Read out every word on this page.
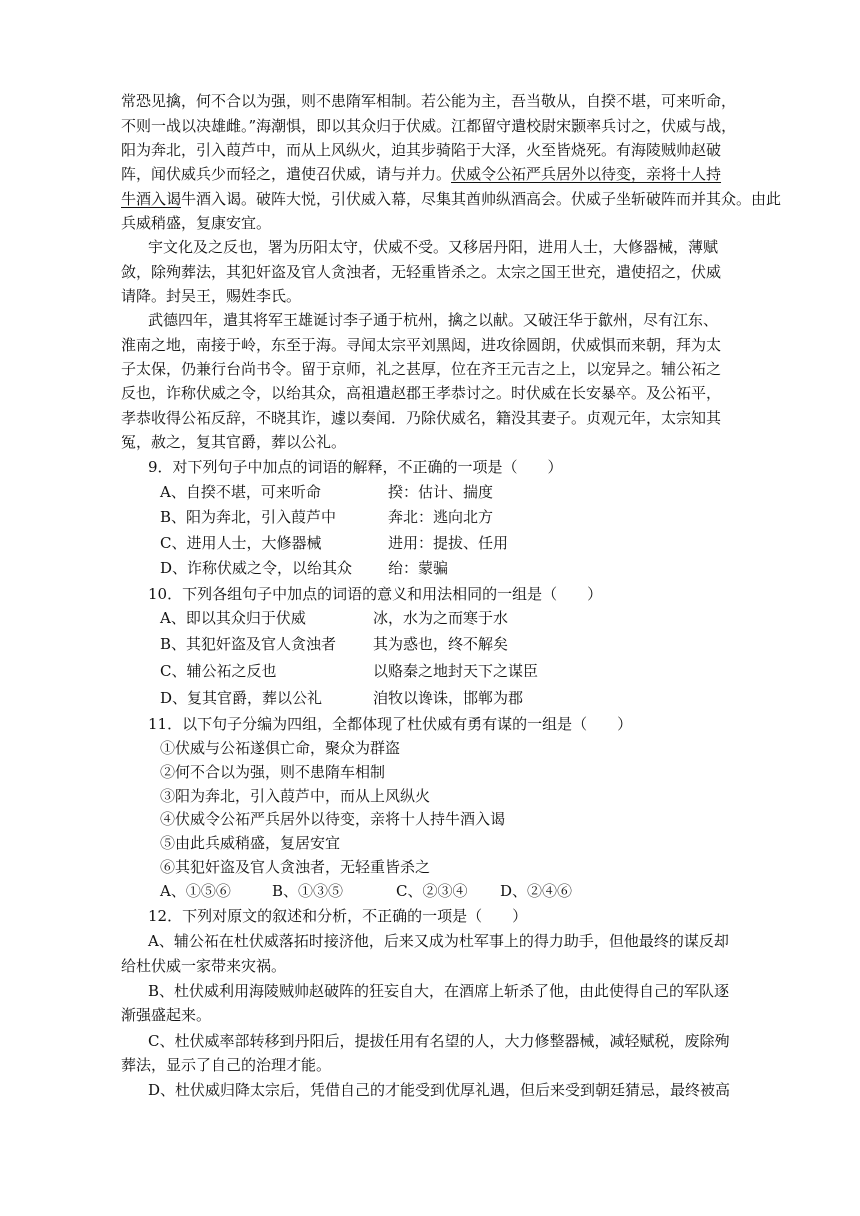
常恐见擒，何不合以为强，则不患隋军相制。若公能为主，吾当敬从，自揆不堪，可来听命，
不则一战以决雄雌。”海潮惧，即以其众归于伏威。江都留守遣校尉宋颢率兵讨之，伏威与战，
阳为奔北，引入葭芦中，而从上风纵火，迫其步骑陷于大泽，火至皆烧死。有海陵贼帅赵破
阵，闻伏威兵少而轻之，遣使召伏威，请与并力。伏威令公祏严兵居外以待变，亲将十人持
牛酒入谒牛酒入谒。破阵大悦，引伏威入幕，尽集其酋帅纵酒高会。伏威子坐斩破阵而并其众。由此
兵威稍盛，复康安宜。
宇文化及之反也，署为历阳太守，伏威不受。又移居丹阳，进用人士，大修器械，薄赋
敛，除殉葬法，其犯奸盗及官人贪浊者，无轻重皆杀之。太宗之国王世充，遣使招之，伏威
请降。封吴王，赐姓李氏。
武德四年，遣其将军王雄诞讨李子通于杭州，擒之以献。又破汪华于歙州，尽有江东、
淮南之地，南接于岭，东至于海。寻闻太宗平刘黑闼，进攻徐圆朗，伏威惧而来朝，拜为太
子太保，仍兼行台尚书令。留于京师，礼之甚厚，位在齐王元吉之上，以宠异之。辅公祏之
反也，诈称伏威之令，以绐其众，高祖遣赵郡王孝恭讨之。时伏威在长安暴卒。及公祏平，
孝恭收得公祏反辞，不晓其诈，遽以奏闻．乃除伏威名，籍没其妻子。贞观元年，太宗知其
冤，赦之，复其官爵，葬以公礼。
9．对下列句子中加点的词语的解释，不正确的一项是（　　）
A、自揆不堪，可来听命	揆：估计、揣度
B、阳为奔北，引入葭芦中	奔北：逃向北方
C、进用人士，大修器械	进用：提拔、任用
D、诈称伏威之令，以绐其众 绐：蒙骗
10．下列各组句子中加点的词语的意义和用法相同的一组是（　　）
A、即以其众归于伏威	冰，水为之而寒于水
B、其犯奸盗及官人贪浊者 其为惑也，终不解矣
C、辅公祏之反也	以赂秦之地封天下之谋臣
D、复其官爵，葬以公礼	洎牧以谗诛，邯郸为郡
11．以下句子分编为四组，全都体现了杜伏威有勇有谋的一组是（　　）
①伏威与公祏遂俱亡命，聚众为群盗
②何不合以为强，则不患隋车相制
③阳为奔北，引入葭芦中，而从上风纵火
④伏威令公祏严兵居外以待变，亲将十人持牛酒入谒
⑤由此兵威稍盛，复居安宜
⑥其犯奸盗及官人贪浊者，无轻重皆杀之
A、①⑤⑥	B、①③⑤	C、②③④ D、②④⑥
12．下列对原文的叙述和分析，不正确的一项是（　　）
A、辅公祏在杜伏威落拓时接济他，后来又成为杜军事上的得力助手，但他最终的谋反却
给杜伏威一家带来灾祸。
B、杜伏威利用海陵贼帅赵破阵的狂妄自大，在酒席上斩杀了他，由此使得自己的军队逐
渐强盛起来。
C、杜伏威率部转移到丹阳后，提拔任用有名望的人，大力修整器械，减轻赋税，废除殉
葬法，显示了自己的治理才能。
D、杜伏威归降太宗后，凭借自己的才能受到优厚礼遇，但后来受到朝廷猜忌，最终被高
